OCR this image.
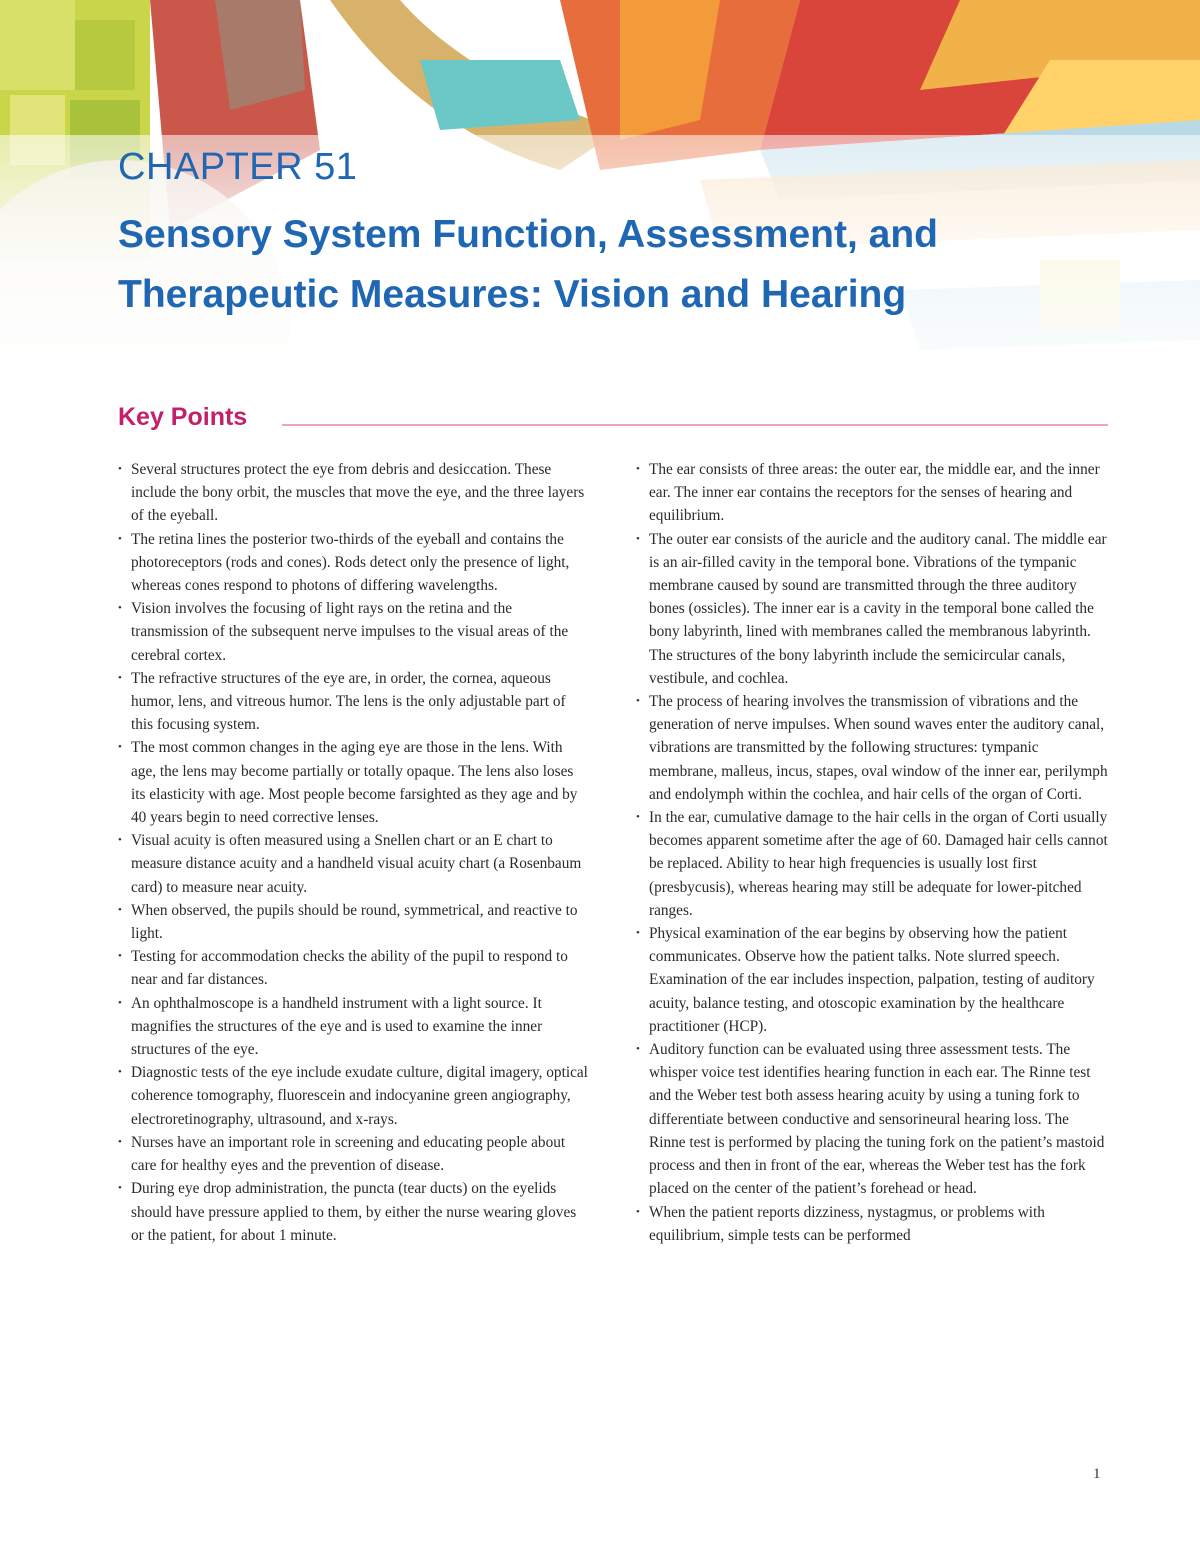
CHAPTER 51
Sensory System Function, Assessment, and Therapeutic Measures: Vision and Hearing
Key Points
• Several structures protect the eye from debris and desiccation. These include the bony orbit, the muscles that move the eye, and the three layers of the eyeball.
• The retina lines the posterior two-thirds of the eyeball and contains the photoreceptors (rods and cones). Rods detect only the presence of light, whereas cones respond to photons of differing wavelengths.
• Vision involves the focusing of light rays on the retina and the transmission of the subsequent nerve impulses to the visual areas of the cerebral cortex.
• The refractive structures of the eye are, in order, the cornea, aqueous humor, lens, and vitreous humor. The lens is the only adjustable part of this focusing system.
• The most common changes in the aging eye are those in the lens. With age, the lens may become partially or totally opaque. The lens also loses its elasticity with age. Most people become farsighted as they age and by 40 years begin to need corrective lenses.
• Visual acuity is often measured using a Snellen chart or an E chart to measure distance acuity and a handheld visual acuity chart (a Rosenbaum card) to measure near acuity.
• When observed, the pupils should be round, symmetrical, and reactive to light.
• Testing for accommodation checks the ability of the pupil to respond to near and far distances.
• An ophthalmoscope is a handheld instrument with a light source. It magnifies the structures of the eye and is used to examine the inner structures of the eye.
• Diagnostic tests of the eye include exudate culture, digital imagery, optical coherence tomography, fluorescein and indocyanine green angiography, electroretinography, ultrasound, and x-rays.
• Nurses have an important role in screening and educating people about care for healthy eyes and the prevention of disease.
• During eye drop administration, the puncta (tear ducts) on the eyelids should have pressure applied to them, by either the nurse wearing gloves or the patient, for about 1 minute.
• The ear consists of three areas: the outer ear, the middle ear, and the inner ear. The inner ear contains the receptors for the senses of hearing and equilibrium.
• The outer ear consists of the auricle and the auditory canal. The middle ear is an air-filled cavity in the temporal bone. Vibrations of the tympanic membrane caused by sound are transmitted through the three auditory bones (ossicles). The inner ear is a cavity in the temporal bone called the bony labyrinth, lined with membranes called the membranous labyrinth. The structures of the bony labyrinth include the semicircular canals, vestibule, and cochlea.
• The process of hearing involves the transmission of vibrations and the generation of nerve impulses. When sound waves enter the auditory canal, vibrations are transmitted by the following structures: tympanic membrane, malleus, incus, stapes, oval window of the inner ear, perilymph and endolymph within the cochlea, and hair cells of the organ of Corti.
• In the ear, cumulative damage to the hair cells in the organ of Corti usually becomes apparent sometime after the age of 60. Damaged hair cells cannot be replaced. Ability to hear high frequencies is usually lost first (presbycusis), whereas hearing may still be adequate for lower-pitched ranges.
• Physical examination of the ear begins by observing how the patient communicates. Observe how the patient talks. Note slurred speech. Examination of the ear includes inspection, palpation, testing of auditory acuity, balance testing, and otoscopic examination by the healthcare practitioner (HCP).
• Auditory function can be evaluated using three assessment tests. The whisper voice test identifies hearing function in each ear. The Rinne test and the Weber test both assess hearing acuity by using a tuning fork to differentiate between conductive and sensorineural hearing loss. The Rinne test is performed by placing the tuning fork on the patient’s mastoid process and then in front of the ear, whereas the Weber test has the fork placed on the center of the patient’s forehead or head.
• When the patient reports dizziness, nystagmus, or problems with equilibrium, simple tests can be performed

1
